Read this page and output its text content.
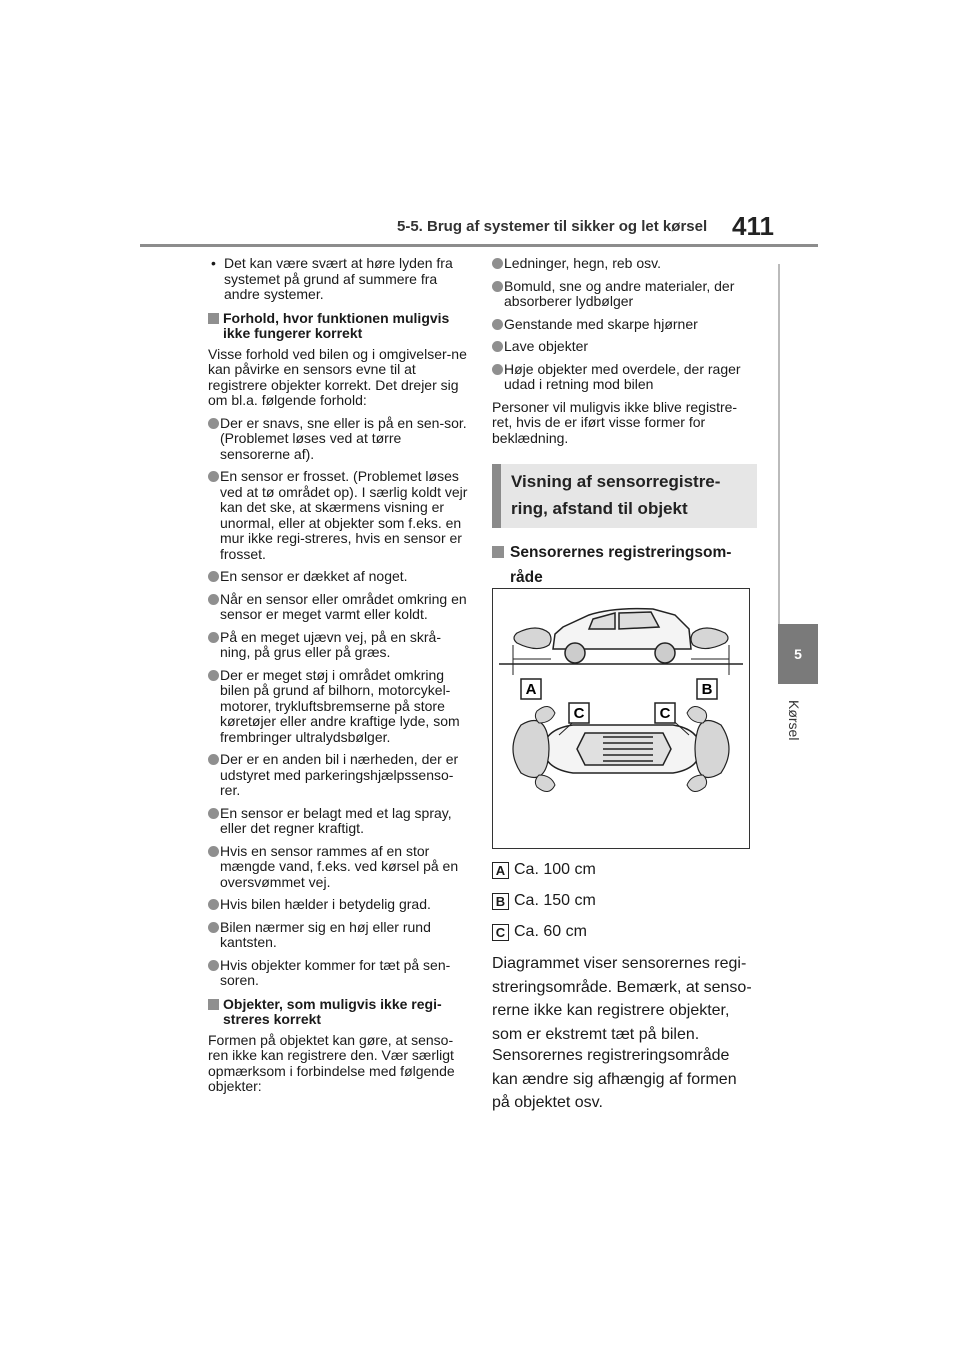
5-5. Brug af systemer til sikker og let kørsel 411
5
Kørsel
• Det kan være svært at høre lyden fra systemet på grund af summere fra andre systemer.
Forhold, hvor funktionen muligvis ikke fungerer korrekt
Visse forhold ved bilen og i omgivelser-ne kan påvirke en sensors evne til at registrere objekter korrekt. Det drejer sig om bl.a. følgende forhold:
Der er snavs, sne eller is på en sen-sor. (Problemet løses ved at tørre sensorerne af).
En sensor er frosset. (Problemet løses ved at tø området op). I særlig koldt vejr kan det ske, at skærmens visning er unormal, eller at objekter som f.eks. en mur ikke regi-streres, hvis en sensor er frosset.
En sensor er dækket af noget.
Når en sensor eller området omkring en sensor er meget varmt eller koldt.
På en meget ujævn vej, på en skrå-ning, på grus eller på græs.
Der er meget støj i området omkring bilen på grund af bilhorn, motorcykel-motorer, trykluftsbremserne på store køretøjer eller andre kraftige lyde, som frembringer ultralydsbølger.
Der er en anden bil i nærheden, der er udstyret med parkeringshjælpssenso-rer.
En sensor er belagt med et lag spray, eller det regner kraftigt.
Hvis en sensor rammes af en stor mængde vand, f.eks. ved kørsel på en oversvømmet vej.
Hvis bilen hælder i betydelig grad.
Bilen nærmer sig en høj eller rund kantsten.
Hvis objekter kommer for tæt på sen-soren.
Objekter, som muligvis ikke regi-streres korrekt
Formen på objektet kan gøre, at senso-ren ikke kan registrere den. Vær særligt opmærksom i forbindelse med følgende objekter:
Ledninger, hegn, reb osv.
Bomuld, sne og andre materialer, der absorberer lydbølger
Genstande med skarpe hjørner
Lave objekter
Høje objekter med overdele, der rager udad i retning mod bilen
Personer vil muligvis ikke blive registre-ret, hvis de er iført visse former for beklædning.
Visning af sensorregistre-ring, afstand til objekt
Sensorernes registreringsom-råde
A	B
C	C
A Ca. 100 cm
B Ca. 150 cm
C Ca. 60 cm
Diagrammet viser sensorernes regi-streringsområde. Bemærk, at senso-rerne ikke kan registrere objekter, som er ekstremt tæt på bilen.
Sensorernes registreringsområde kan ændre sig afhængig af formen på objektet osv.
